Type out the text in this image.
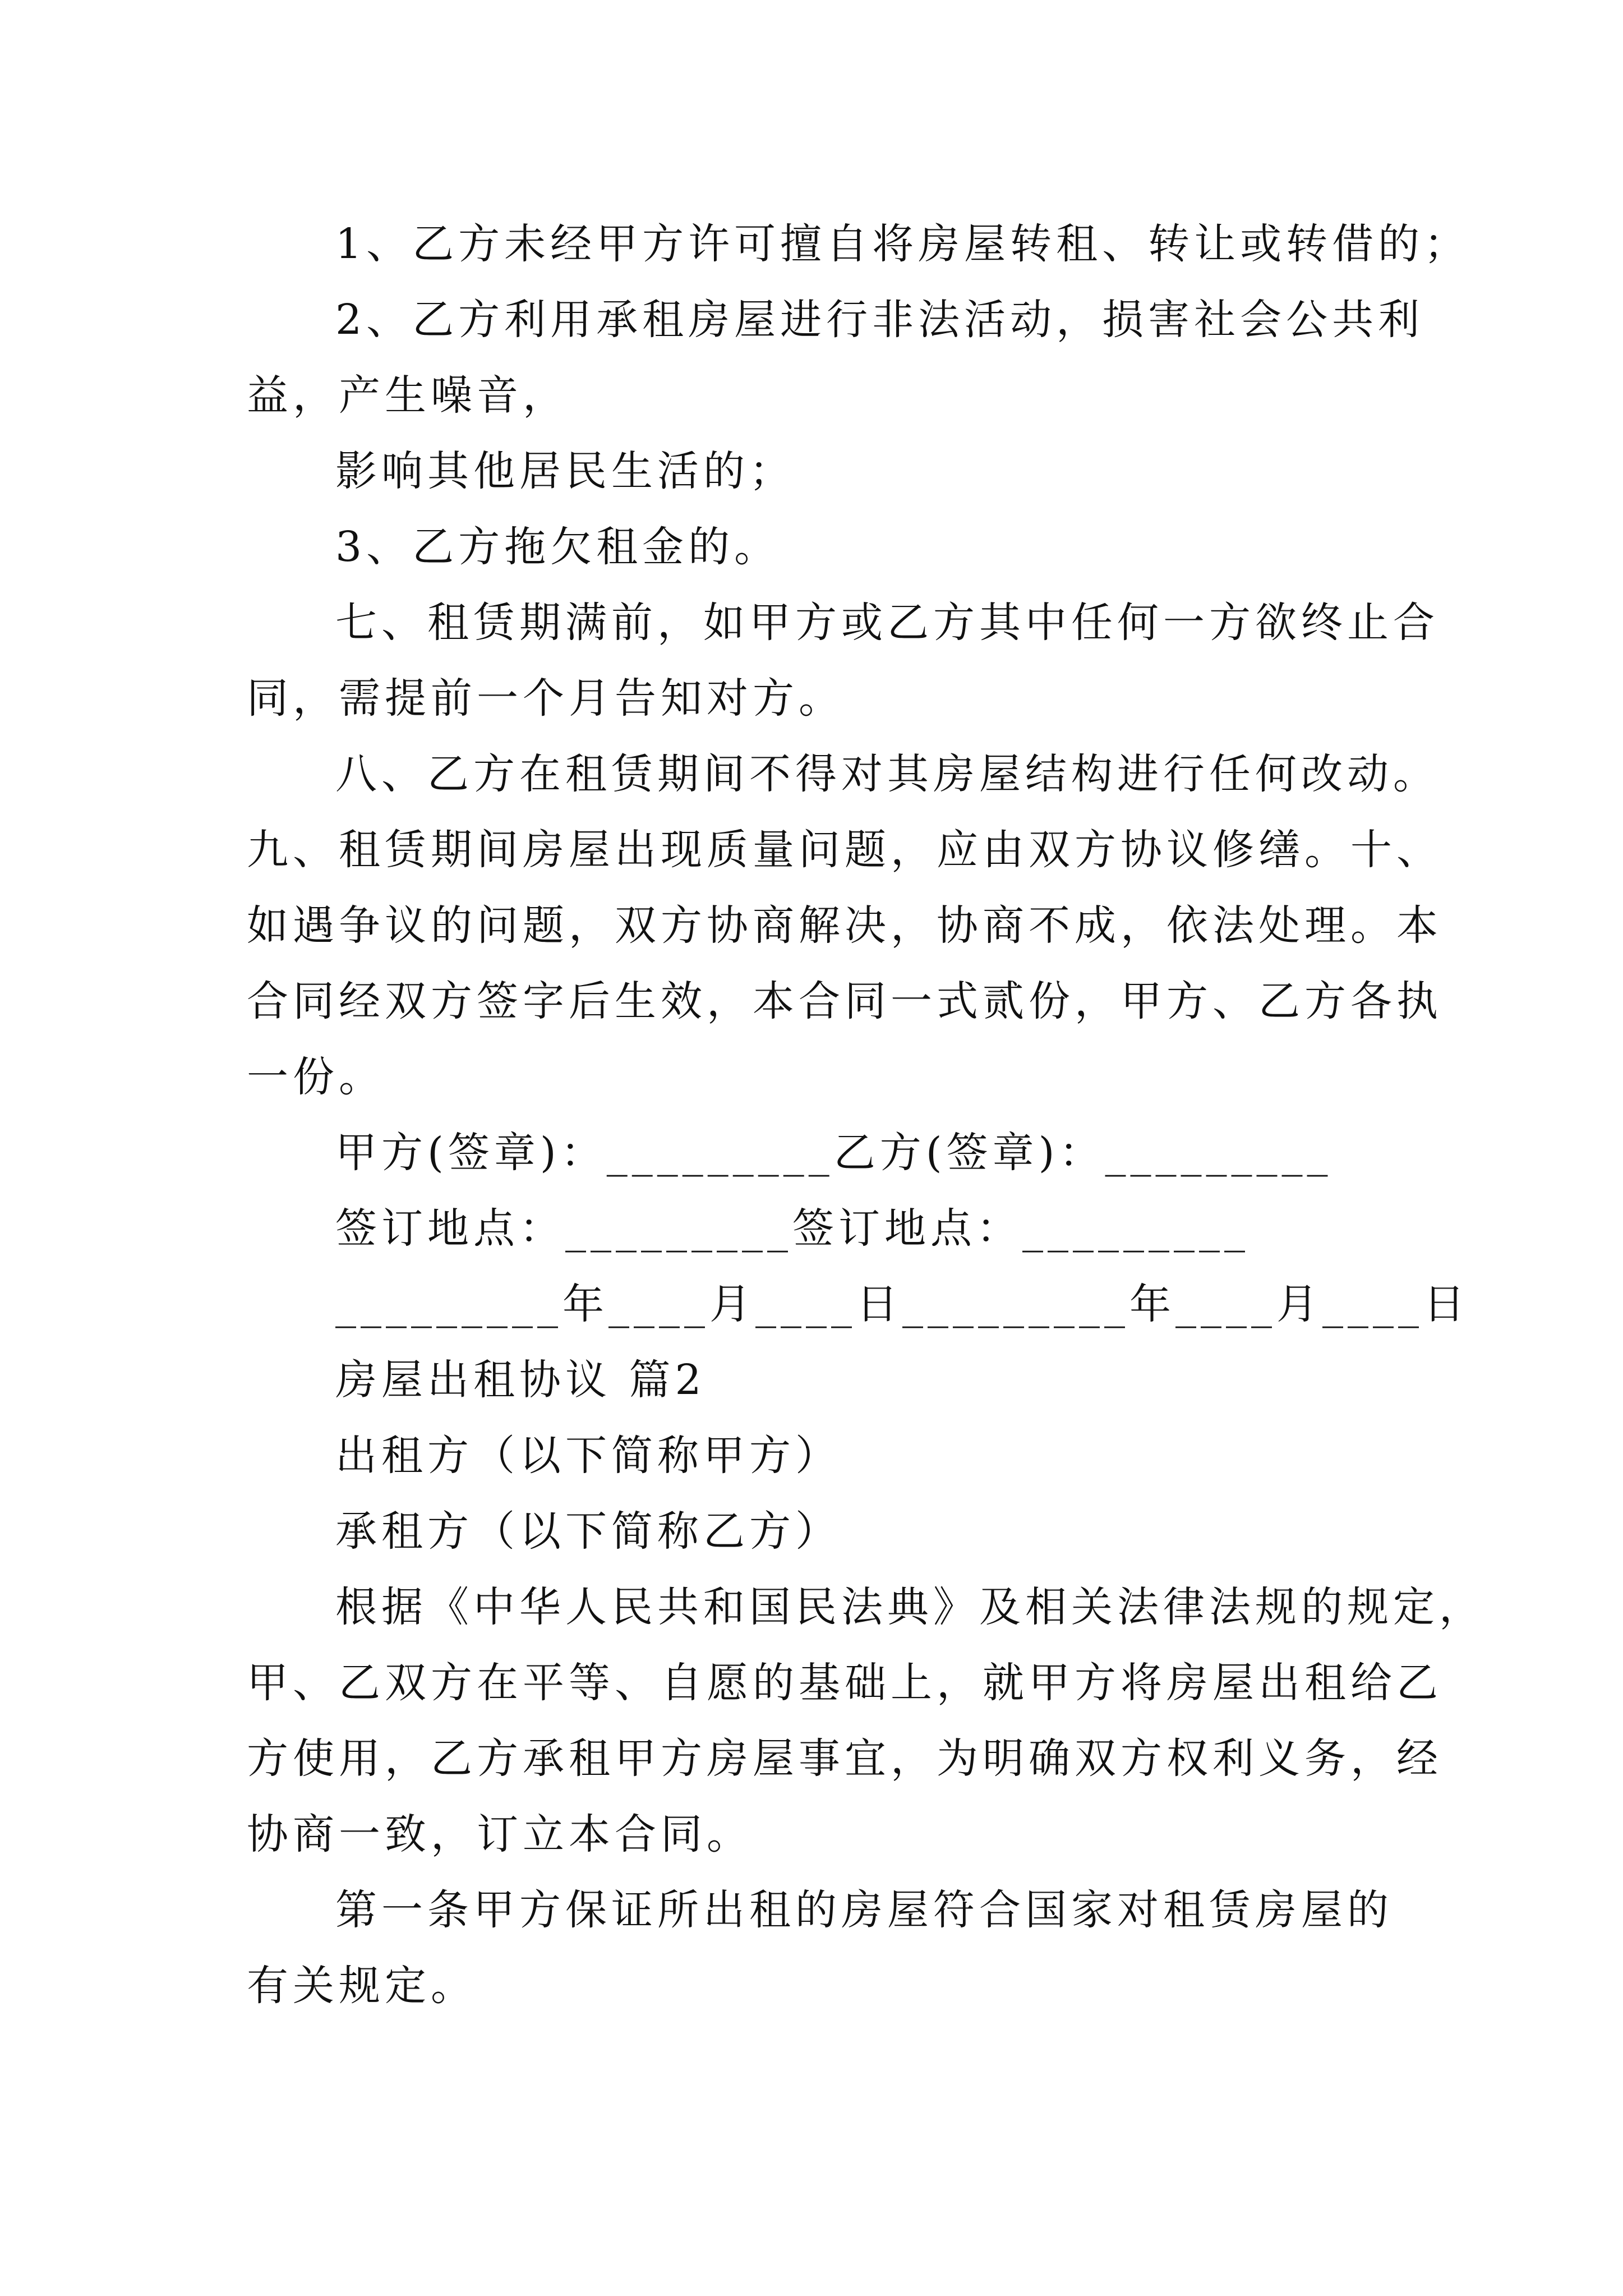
1、乙方未经甲方许可擅自将房屋转租、转让或转借的；

2、乙方利用承租房屋进行非法活动，损害社会公共利

益，产生噪音，

影响其他居民生活的；

3、乙方拖欠租金的。

七、租赁期满前，如甲方或乙方其中任何一方欲终止合

同，需提前一个月告知对方。

八、乙方在租赁期间不得对其房屋结构进行任何改动。

九、租赁期间房屋出现质量问题，应由双方协议修缮。十、

如遇争议的问题，双方协商解决，协商不成，依法处理。本

合同经双方签字后生效，本合同一式贰份，甲方、乙方各执

一份。

甲方(签章)：_________乙方(签章)：_________

签订地点：_________签订地点：_________

_________年____月____日_________年____月____日

房屋出租协议 篇2

出租方（以下简称甲方）

承租方（以下简称乙方）

根据《中华人民共和国民法典》及相关法律法规的规定，

甲、乙双方在平等、自愿的基础上，就甲方将房屋出租给乙

方使用，乙方承租甲方房屋事宜，为明确双方权利义务，经

协商一致，订立本合同。

第一条甲方保证所出租的房屋符合国家对租赁房屋的

有关规定。
